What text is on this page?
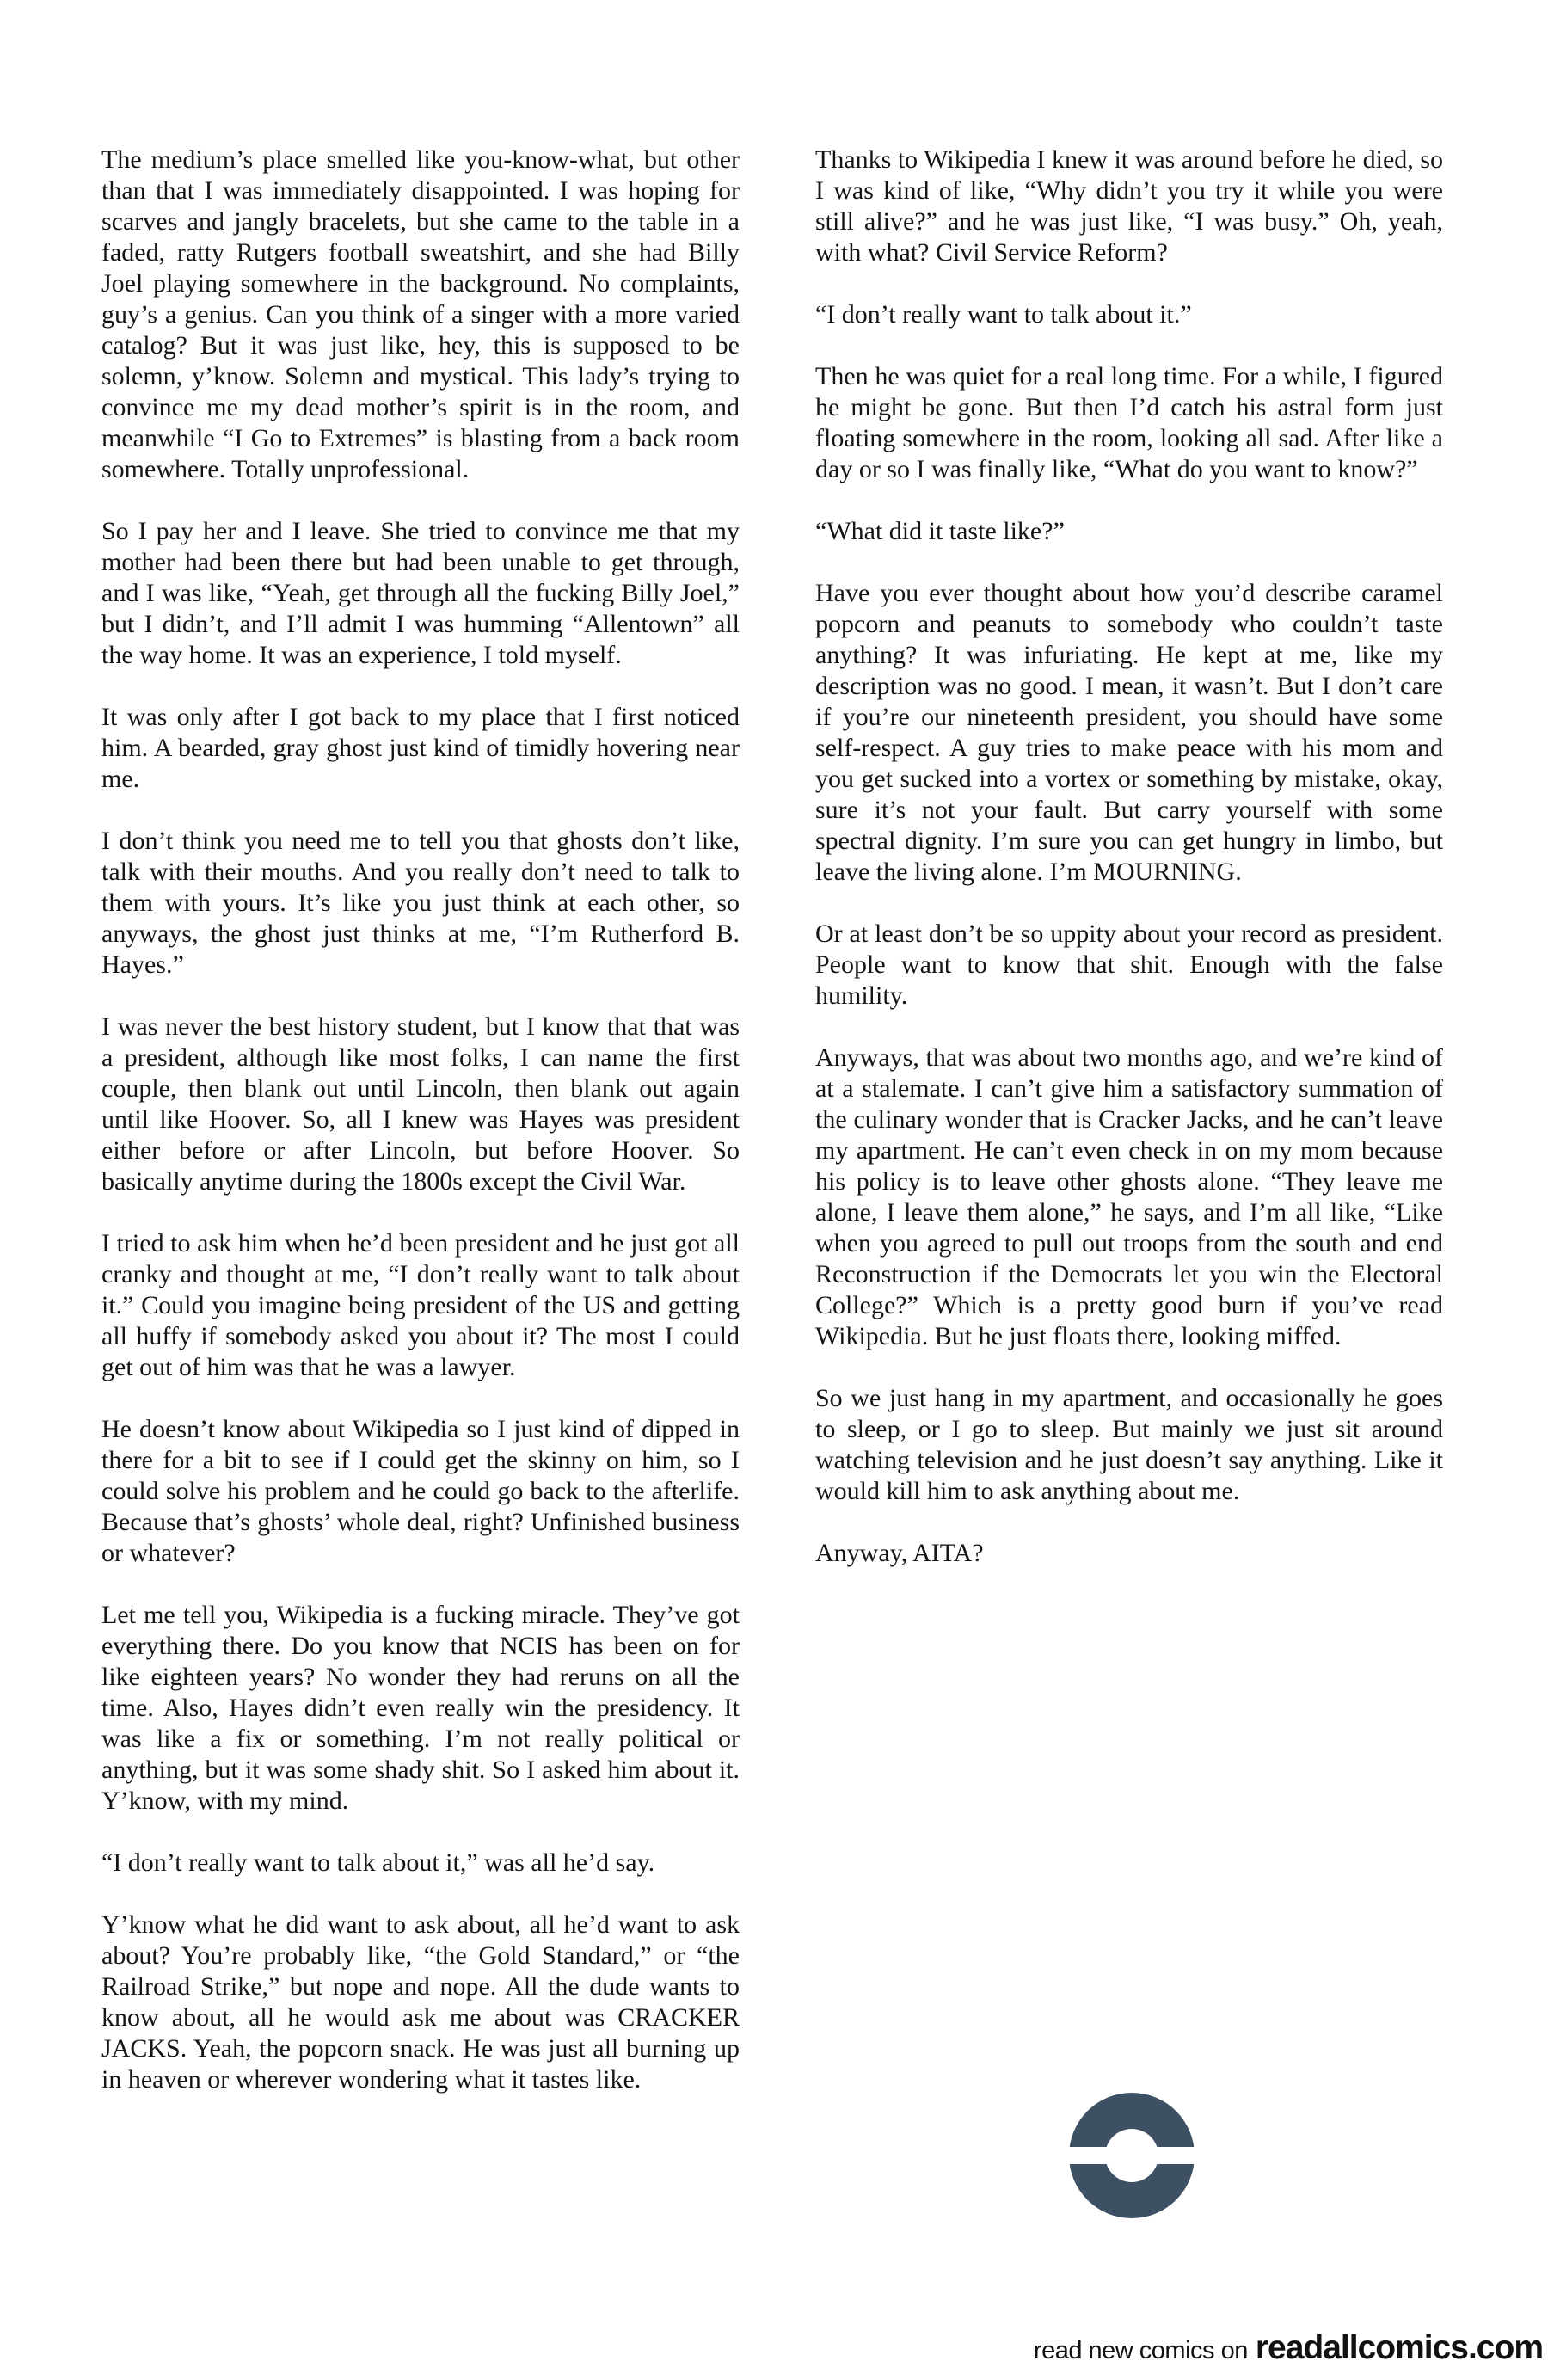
The medium’s place smelled like you-know-what, but other than that I was immediately disappointed. I was hoping for scarves and jangly bracelets, but she came to the table in a faded, ratty Rutgers football sweatshirt, and she had Billy Joel playing somewhere in the background. No complaints, guy’s a genius. Can you think of a singer with a more varied catalog? But it was just like, hey, this is supposed to be solemn, y’know. Solemn and mystical. This lady’s trying to convince me my dead mother’s spirit is in the room, and meanwhile “I Go to Extremes” is blasting from a back room somewhere. Totally unprofessional.

So I pay her and I leave. She tried to convince me that my mother had been there but had been unable to get through, and I was like, “Yeah, get through all the fucking Billy Joel,” but I didn’t, and I’ll admit I was humming “Allentown” all the way home. It was an experience, I told myself.

It was only after I got back to my place that I first noticed him. A bearded, gray ghost just kind of timidly hovering near me.

I don’t think you need me to tell you that ghosts don’t like, talk with their mouths. And you really don’t need to talk to them with yours. It’s like you just think at each other, so anyways, the ghost just thinks at me, “I’m Rutherford B. Hayes.”

I was never the best history student, but I know that that was a president, although like most folks, I can name the first couple, then blank out until Lincoln, then blank out again until like Hoover. So, all I knew was Hayes was president either before or after Lincoln, but before Hoover. So basically anytime during the 1800s except the Civil War.

I tried to ask him when he’d been president and he just got all cranky and thought at me, “I don’t really want to talk about it.” Could you imagine being president of the US and getting all huffy if somebody asked you about it? The most I could get out of him was that he was a lawyer.

He doesn’t know about Wikipedia so I just kind of dipped in there for a bit to see if I could get the skinny on him, so I could solve his problem and he could go back to the afterlife. Because that’s ghosts’ whole deal, right? Unfinished business or whatever?

Let me tell you, Wikipedia is a fucking miracle. They’ve got everything there. Do you know that NCIS has been on for like eighteen years? No wonder they had reruns on all the time. Also, Hayes didn’t even really win the presidency. It was like a fix or something. I’m not really political or anything, but it was some shady shit. So I asked him about it. Y’know, with my mind.

“I don’t really want to talk about it,” was all he’d say.

Y’know what he did want to ask about, all he’d want to ask about? You’re probably like, “the Gold Standard,” or “the Railroad Strike,” but nope and nope. All the dude wants to know about, all he would ask me about was CRACKER JACKS. Yeah, the popcorn snack. He was just all burning up in heaven or wherever wondering what it tastes like.

Thanks to Wikipedia I knew it was around before he died, so I was kind of like, “Why didn’t you try it while you were still alive?” and he was just like, “I was busy.” Oh, yeah, with what? Civil Service Reform?

“I don’t really want to talk about it.”

Then he was quiet for a real long time. For a while, I figured he might be gone. But then I’d catch his astral form just floating somewhere in the room, looking all sad. After like a day or so I was finally like, “What do you want to know?”

“What did it taste like?”

Have you ever thought about how you’d describe caramel popcorn and peanuts to somebody who couldn’t taste anything? It was infuriating. He kept at me, like my description was no good. I mean, it wasn’t. But I don’t care if you’re our nineteenth president, you should have some self-respect. A guy tries to make peace with his mom and you get sucked into a vortex or something by mistake, okay, sure it’s not your fault. But carry yourself with some spectral dignity. I’m sure you can get hungry in limbo, but leave the living alone. I’m MOURNING.

Or at least don’t be so uppity about your record as president. People want to know that shit. Enough with the false humility.

Anyways, that was about two months ago, and we’re kind of at a stalemate. I can’t give him a satisfactory summation of the culinary wonder that is Cracker Jacks, and he can’t leave my apartment. He can’t even check in on my mom because his policy is to leave other ghosts alone. “They leave me alone, I leave them alone,” he says, and I’m all like, “Like when you agreed to pull out troops from the south and end Reconstruction if the Democrats let you win the Electoral College?” Which is a pretty good burn if you’ve read Wikipedia. But he just floats there, looking miffed.

So we just hang in my apartment, and occasionally he goes to sleep, or I go to sleep. But mainly we just sit around watching television and he just doesn’t say anything. Like it would kill him to ask anything about me.

Anyway, AITA?

read new comics on readallcomics.com
